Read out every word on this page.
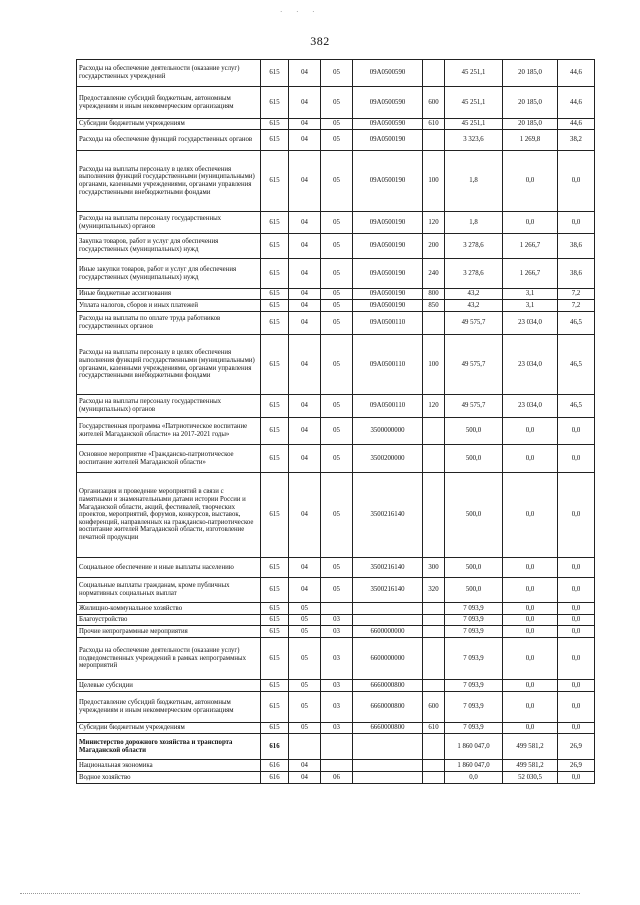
· · ·
382
Расходы на обеспечение деятельности (оказание услуг) государственных учреждений	615	04	05	09А0500590		45 251,1	20 185,0	44,6
Предоставление субсидий бюджетным, автономным учреждениям и иным некоммерческим организациям	615	04	05	09А0500590	600	45 251,1	20 185,0	44,6
Субсидии бюджетным учреждениям	615	04	05	09А0500590	610	45 251,1	20 185,0	44,6
Расходы на обеспечение функций государственных органов	615	04	05	09А0500190		3 323,6	1 269,8	38,2
Расходы на выплаты персоналу в целях обеспечения выполнения функций государственными (муниципальными) органами, казенными учреждениями, органами управления государственными внебюджетными фондами	615	04	05	09А0500190	100	1,8	0,0	0,0
Расходы на выплаты персоналу государственных (муниципальных) органов	615	04	05	09А0500190	120	1,8	0,0	0,0
Закупка товаров, работ и услуг для обеспечения государственных (муниципальных) нужд	615	04	05	09А0500190	200	3 278,6	1 266,7	38,6
Иные закупки товаров, работ и услуг для обеспечения государственных (муниципальных) нужд	615	04	05	09А0500190	240	3 278,6	1 266,7	38,6
Иные бюджетные ассигнования	615	04	05	09А0500190	800	43,2	3,1	7,2
Уплата налогов, сборов и иных платежей	615	04	05	09А0500190	850	43,2	3,1	7,2
Расходы на выплаты по оплате труда работников государственных органов	615	04	05	09А0500110		49 575,7	23 034,0	46,5
Расходы на выплаты персоналу в целях обеспечения выполнения функций государственными (муниципальными) органами, казенными учреждениями, органами управления государственными внебюджетными фондами	615	04	05	09А0500110	100	49 575,7	23 034,0	46,5
Расходы на выплаты персоналу государственных (муниципальных) органов	615	04	05	09А0500110	120	49 575,7	23 034,0	46,5
Государственная программа «Патриотическое воспитание жителей Магаданской области» на 2017-2021 годы»	615	04	05	3500000000		500,0	0,0	0,0
Основное мероприятие «Гражданско-патриотическое воспитание жителей Магаданской области»	615	04	05	3500200000		500,0	0,0	0,0
Организация и проведение мероприятий в связи с памятными и знаменательными датами истории России и Магаданской области, акций, фестивалей, творческих проектов, мероприятий, форумов, конкурсов, выставок, конференций, направленных на гражданско-патриотическое воспитание жителей Магаданской области, изготовление печатной продукции	615	04	05	3500216140		500,0	0,0	0,0
Социальное обеспечение и иные выплаты населению	615	04	05	3500216140	300	500,0	0,0	0,0
Социальные выплаты гражданам, кроме публичных нормативных социальных выплат	615	04	05	3500216140	320	500,0	0,0	0,0
Жилищно-коммунальное хозяйство	615	05				7 093,9	0,0	0,0
Благоустройство	615	05	03			7 093,9	0,0	0,0
Прочие непрограммные мероприятия	615	05	03	6600000000		7 093,9	0,0	0,0
Расходы на обеспечение деятельности (оказание услуг) подведомственных учреждений в рамках непрограммных мероприятий	615	05	03	6600000000		7 093,9	0,0	0,0
Целевые субсидии	615	05	03	6660000800		7 093,9	0,0	0,0
Предоставление субсидий бюджетным, автономным учреждениям и иным некоммерческим организациям	615	05	03	6660000800	600	7 093,9	0,0	0,0
Субсидии бюджетным учреждениям	615	05	03	6660000800	610	7 093,9	0,0	0,0
Министерство дорожного хозяйства и транспорта Магаданской области	616					1 860 047,0	499 581,2	26,9
Национальная экономика	616	04				1 860 047,0	499 581,2	26,9
Водное хозяйство	616	04	06			0,0	52 030,5	0,0
